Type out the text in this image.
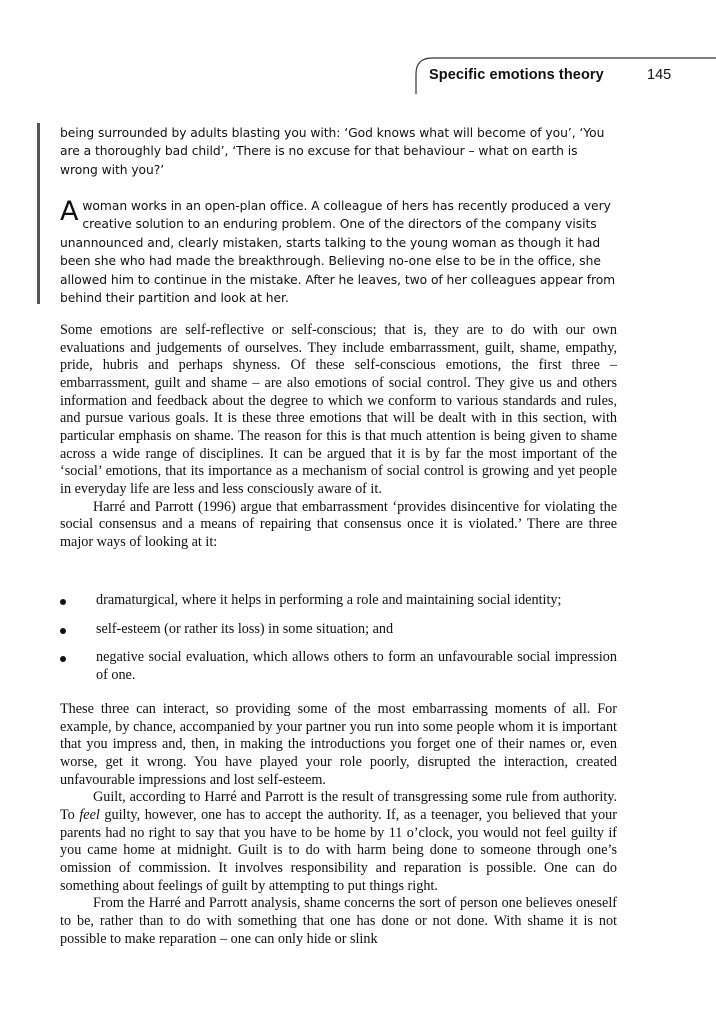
Specific emotions theory	145
being surrounded by adults blasting you with: ‘God knows what will become of you’, ‘You are a thoroughly bad child’, ‘There is no excuse for that behaviour – what on earth is wrong with you?’
A woman works in an open-plan office. A colleague of hers has recently produced a very creative solution to an enduring problem. One of the directors of the company visits unannounced and, clearly mistaken, starts talking to the young woman as though it had been she who had made the breakthrough. Believing no-one else to be in the office, she allowed him to continue in the mistake. After he leaves, two of her colleagues appear from behind their partition and look at her.

Some emotions are self-reflective or self-conscious; that is, they are to do with our own evaluations and judgements of ourselves. They include embarrassment, guilt, shame, empathy, pride, hubris and perhaps shyness. Of these self-conscious emotions, the first three – embarrassment, guilt and shame – are also emotions of social control. They give us and others information and feedback about the degree to which we conform to various standards and rules, and pursue various goals. It is these three emotions that will be dealt with in this section, with particular emphasis on shame. The reason for this is that much attention is being given to shame across a wide range of disciplines. It can be argued that it is by far the most important of the ‘social’ emotions, that its importance as a mechanism of social control is growing and yet people in everyday life are less and less consciously aware of it.

Harré and Parrott (1996) argue that embarrassment ‘provides disincentive for violating the social consensus and a means of repairing that consensus once it is violated.’ There are three major ways of looking at it:

dramaturgical, where it helps in performing a role and maintaining social identity;
self-esteem (or rather its loss) in some situation; and
negative social evaluation, which allows others to form an unfavourable social impression of one.

These three can interact, so providing some of the most embarrassing moments of all. For example, by chance, accompanied by your partner you run into some people whom it is important that you impress and, then, in making the introductions you forget one of their names or, even worse, get it wrong. You have played your role poorly, disrupted the interaction, created unfavourable impressions and lost self-esteem.

Guilt, according to Harré and Parrott is the result of transgressing some rule from authority. To feel guilty, however, one has to accept the authority. If, as a teenager, you believed that your parents had no right to say that you have to be home by 11 o’clock, you would not feel guilty if you came home at midnight. Guilt is to do with harm being done to someone through one’s omission of commission. It involves responsibility and reparation is possible. One can do something about feelings of guilt by attempting to put things right.

From the Harré and Parrott analysis, shame concerns the sort of person one believes oneself to be, rather than to do with something that one has done or not done. With shame it is not possible to make reparation – one can only hide or slink
